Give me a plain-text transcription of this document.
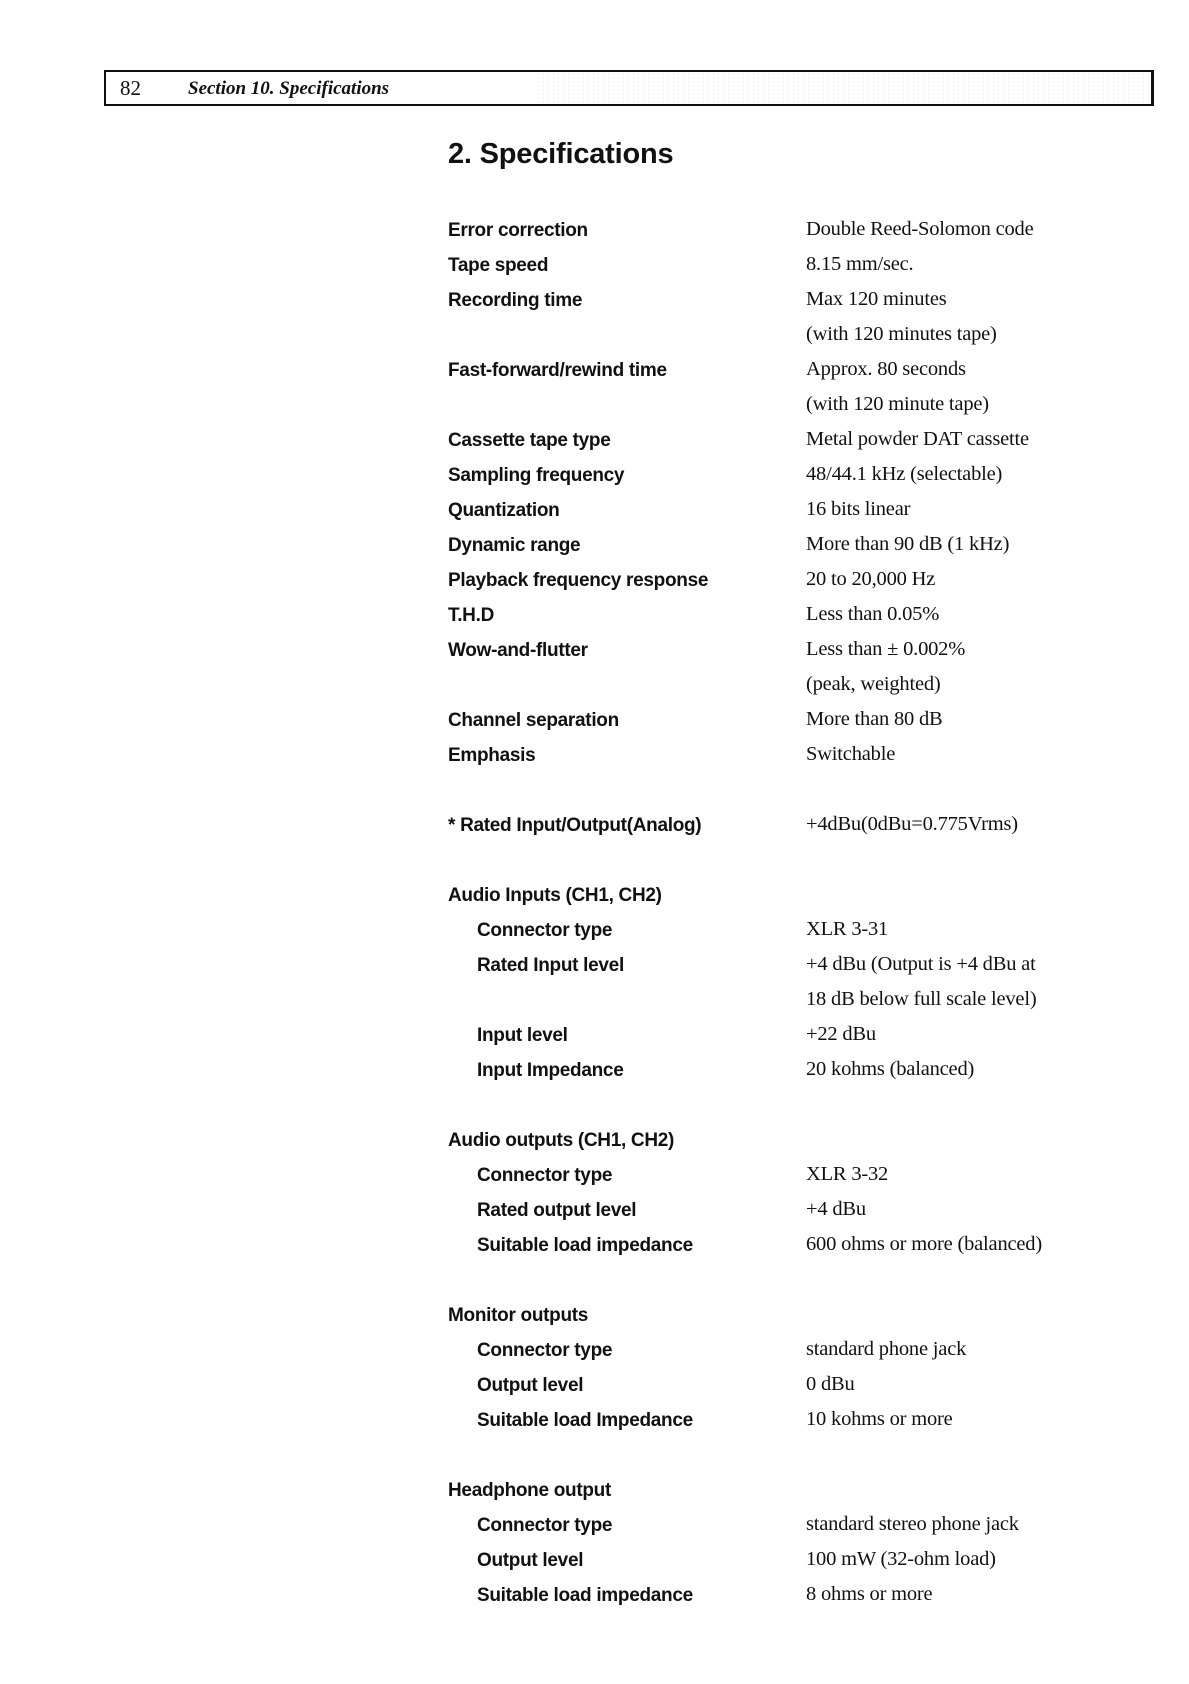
82 Section 10. Specifications
2. Specifications
Error correction	Double Reed-Solomon code
Tape speed	8.15 mm/sec.
Recording time	Max 120 minutes
(with 120 minutes tape)
Fast-forward/rewind time	Approx. 80 seconds
(with 120 minute tape)
Cassette tape type	Metal powder DAT cassette
Sampling frequency	48/44.1 kHz (selectable)
Quantization	16 bits linear
Dynamic range	More than 90 dB (1 kHz)
Playback frequency response	20 to 20,000 Hz
T.H.D	Less than 0.05%
Wow-and-flutter	Less than ± 0.002%
(peak, weighted)
Channel separation	More than 80 dB
Emphasis	Switchable
* Rated Input/Output(Analog)	+4dBu(0dBu=0.775Vrms)
Audio Inputs (CH1, CH2)
Connector type	XLR 3-31
Rated Input level	+4 dBu (Output is +4 dBu at
18 dB below full scale level)
Input level	+22 dBu
Input Impedance	20 kohms (balanced)
Audio outputs (CH1, CH2)
Connector type	XLR 3-32
Rated output level	+4 dBu
Suitable load impedance	600 ohms or more (balanced)
Monitor outputs
Connector type	standard phone jack
Output level	0 dBu
Suitable load Impedance	10 kohms or more
Headphone output
Connector type	standard stereo phone jack
Output level	100 mW (32-ohm load)
Suitable load impedance	8 ohms or more
